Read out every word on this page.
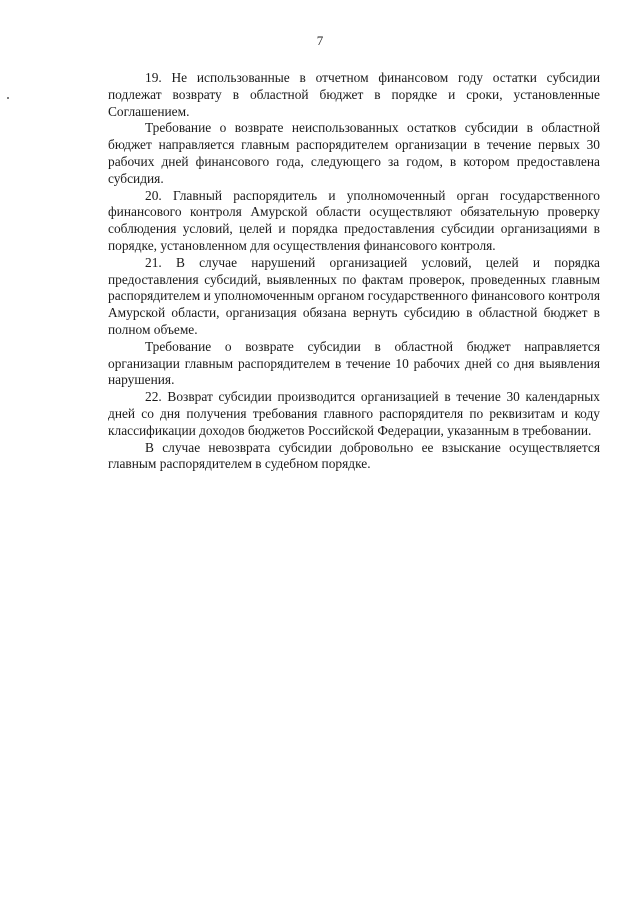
7

19. Не использованные в отчетном финансовом году остатки субсидии подлежат возврату в областной бюджет в порядке и сроки, установленные Соглашением.

Требование о возврате неиспользованных остатков субсидии в областной бюджет направляется главным распорядителем организации в течение первых 30 рабочих дней финансового года, следующего за годом, в котором предоставлена субсидия.

20. Главный распорядитель и уполномоченный орган государственного финансового контроля Амурской области осуществляют обязательную проверку соблюдения условий, целей и порядка предоставления субсидии организациями в порядке, установленном для осуществления финансового контроля.

21. В случае нарушений организацией условий, целей и порядка предоставления субсидий, выявленных по фактам проверок, проведенных главным распорядителем и уполномоченным органом государственного финансового контроля Амурской области, организация обязана вернуть субсидию в областной бюджет в полном объеме.

Требование о возврате субсидии в областной бюджет направляется организации главным распорядителем в течение 10 рабочих дней со дня выявления нарушения.

22. Возврат субсидии производится организацией в течение 30 календарных дней со дня получения требования главного распорядителя по реквизитам и коду классификации доходов бюджетов Российской Федерации, указанным в требовании.

В случае невозврата субсидии добровольно ее взыскание осуществляется главным распорядителем в судебном порядке.
